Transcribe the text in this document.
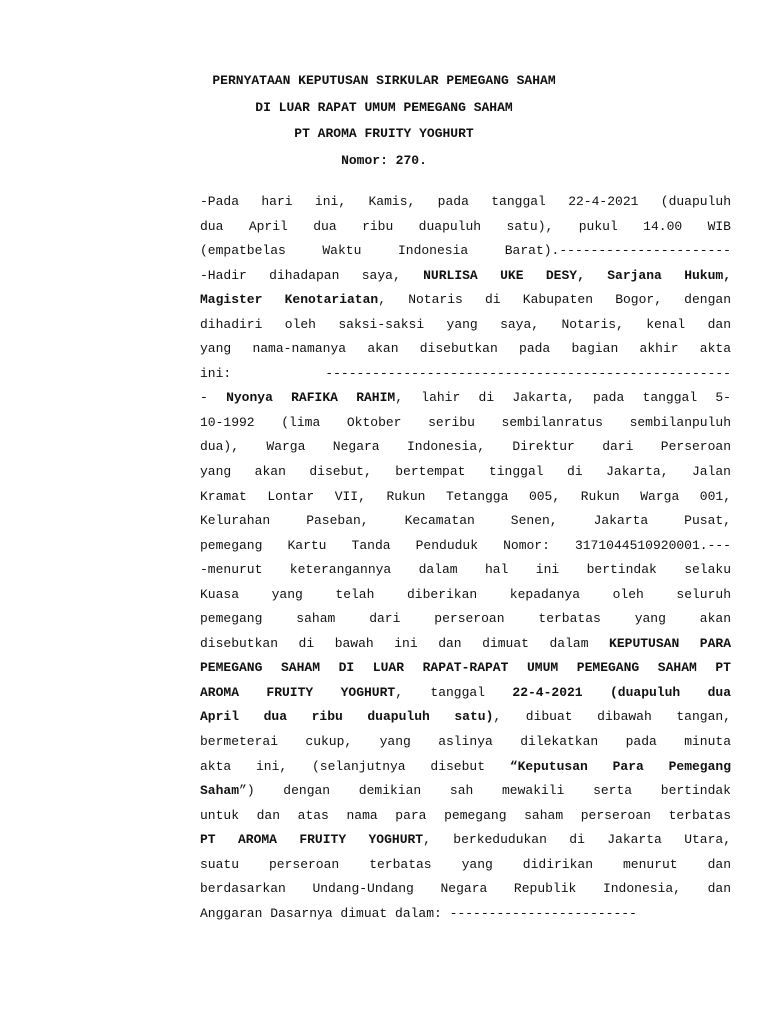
PERNYATAAN KEPUTUSAN SIRKULAR PEMEGANG SAHAM
DI LUAR RAPAT UMUM PEMEGANG SAHAM
PT AROMA FRUITY YOGHURT
Nomor: 270.
-Pada hari ini, Kamis, pada tanggal 22-4-2021 (duapuluh
dua April dua ribu duapuluh satu), pukul 14.00 WIB
(empatbelas Waktu Indonesia Barat).----------------------
-Hadir dihadapan saya, NURLISA UKE DESY, Sarjana Hukum,
Magister Kenotariatan, Notaris di Kabupaten Bogor, dengan
dihadiri oleh saksi-saksi yang saya, Notaris, kenal dan
yang nama-namanya akan disebutkan pada bagian akhir akta
ini: ----------------------------------------------------
- Nyonya RAFIKA RAHIM, lahir di Jakarta, pada tanggal 5-
10-1992 (lima Oktober seribu sembilanratus sembilanpuluh
dua), Warga Negara Indonesia, Direktur dari Perseroan
yang akan disebut, bertempat tinggal di Jakarta, Jalan
Kramat Lontar VII, Rukun Tetangga 005, Rukun Warga 001,
Kelurahan Paseban, Kecamatan Senen, Jakarta Pusat,
pemegang Kartu Tanda Penduduk Nomor: 3171044510920001.---
-menurut keterangannya dalam hal ini bertindak selaku
Kuasa yang telah diberikan kepadanya oleh seluruh
pemegang saham dari perseroan terbatas yang akan
disebutkan di bawah ini dan dimuat dalam KEPUTUSAN PARA
PEMEGANG SAHAM DI LUAR RAPAT-RAPAT UMUM PEMEGANG SAHAM PT
AROMA FRUITY YOGHURT, tanggal 22-4-2021 (duapuluh dua
April dua ribu duapuluh satu), dibuat dibawah tangan,
bermeterai cukup, yang aslinya dilekatkan pada minuta
akta ini, (selanjutnya disebut “Keputusan Para Pemegang
Saham”) dengan demikian sah mewakili serta bertindak
untuk dan atas nama para pemegang saham perseroan terbatas
PT AROMA FRUITY YOGHURT, berkedudukan di Jakarta Utara,
suatu perseroan terbatas yang didirikan menurut dan
berdasarkan Undang-Undang Negara Republik Indonesia, dan
Anggaran Dasarnya dimuat dalam: ------------------------
